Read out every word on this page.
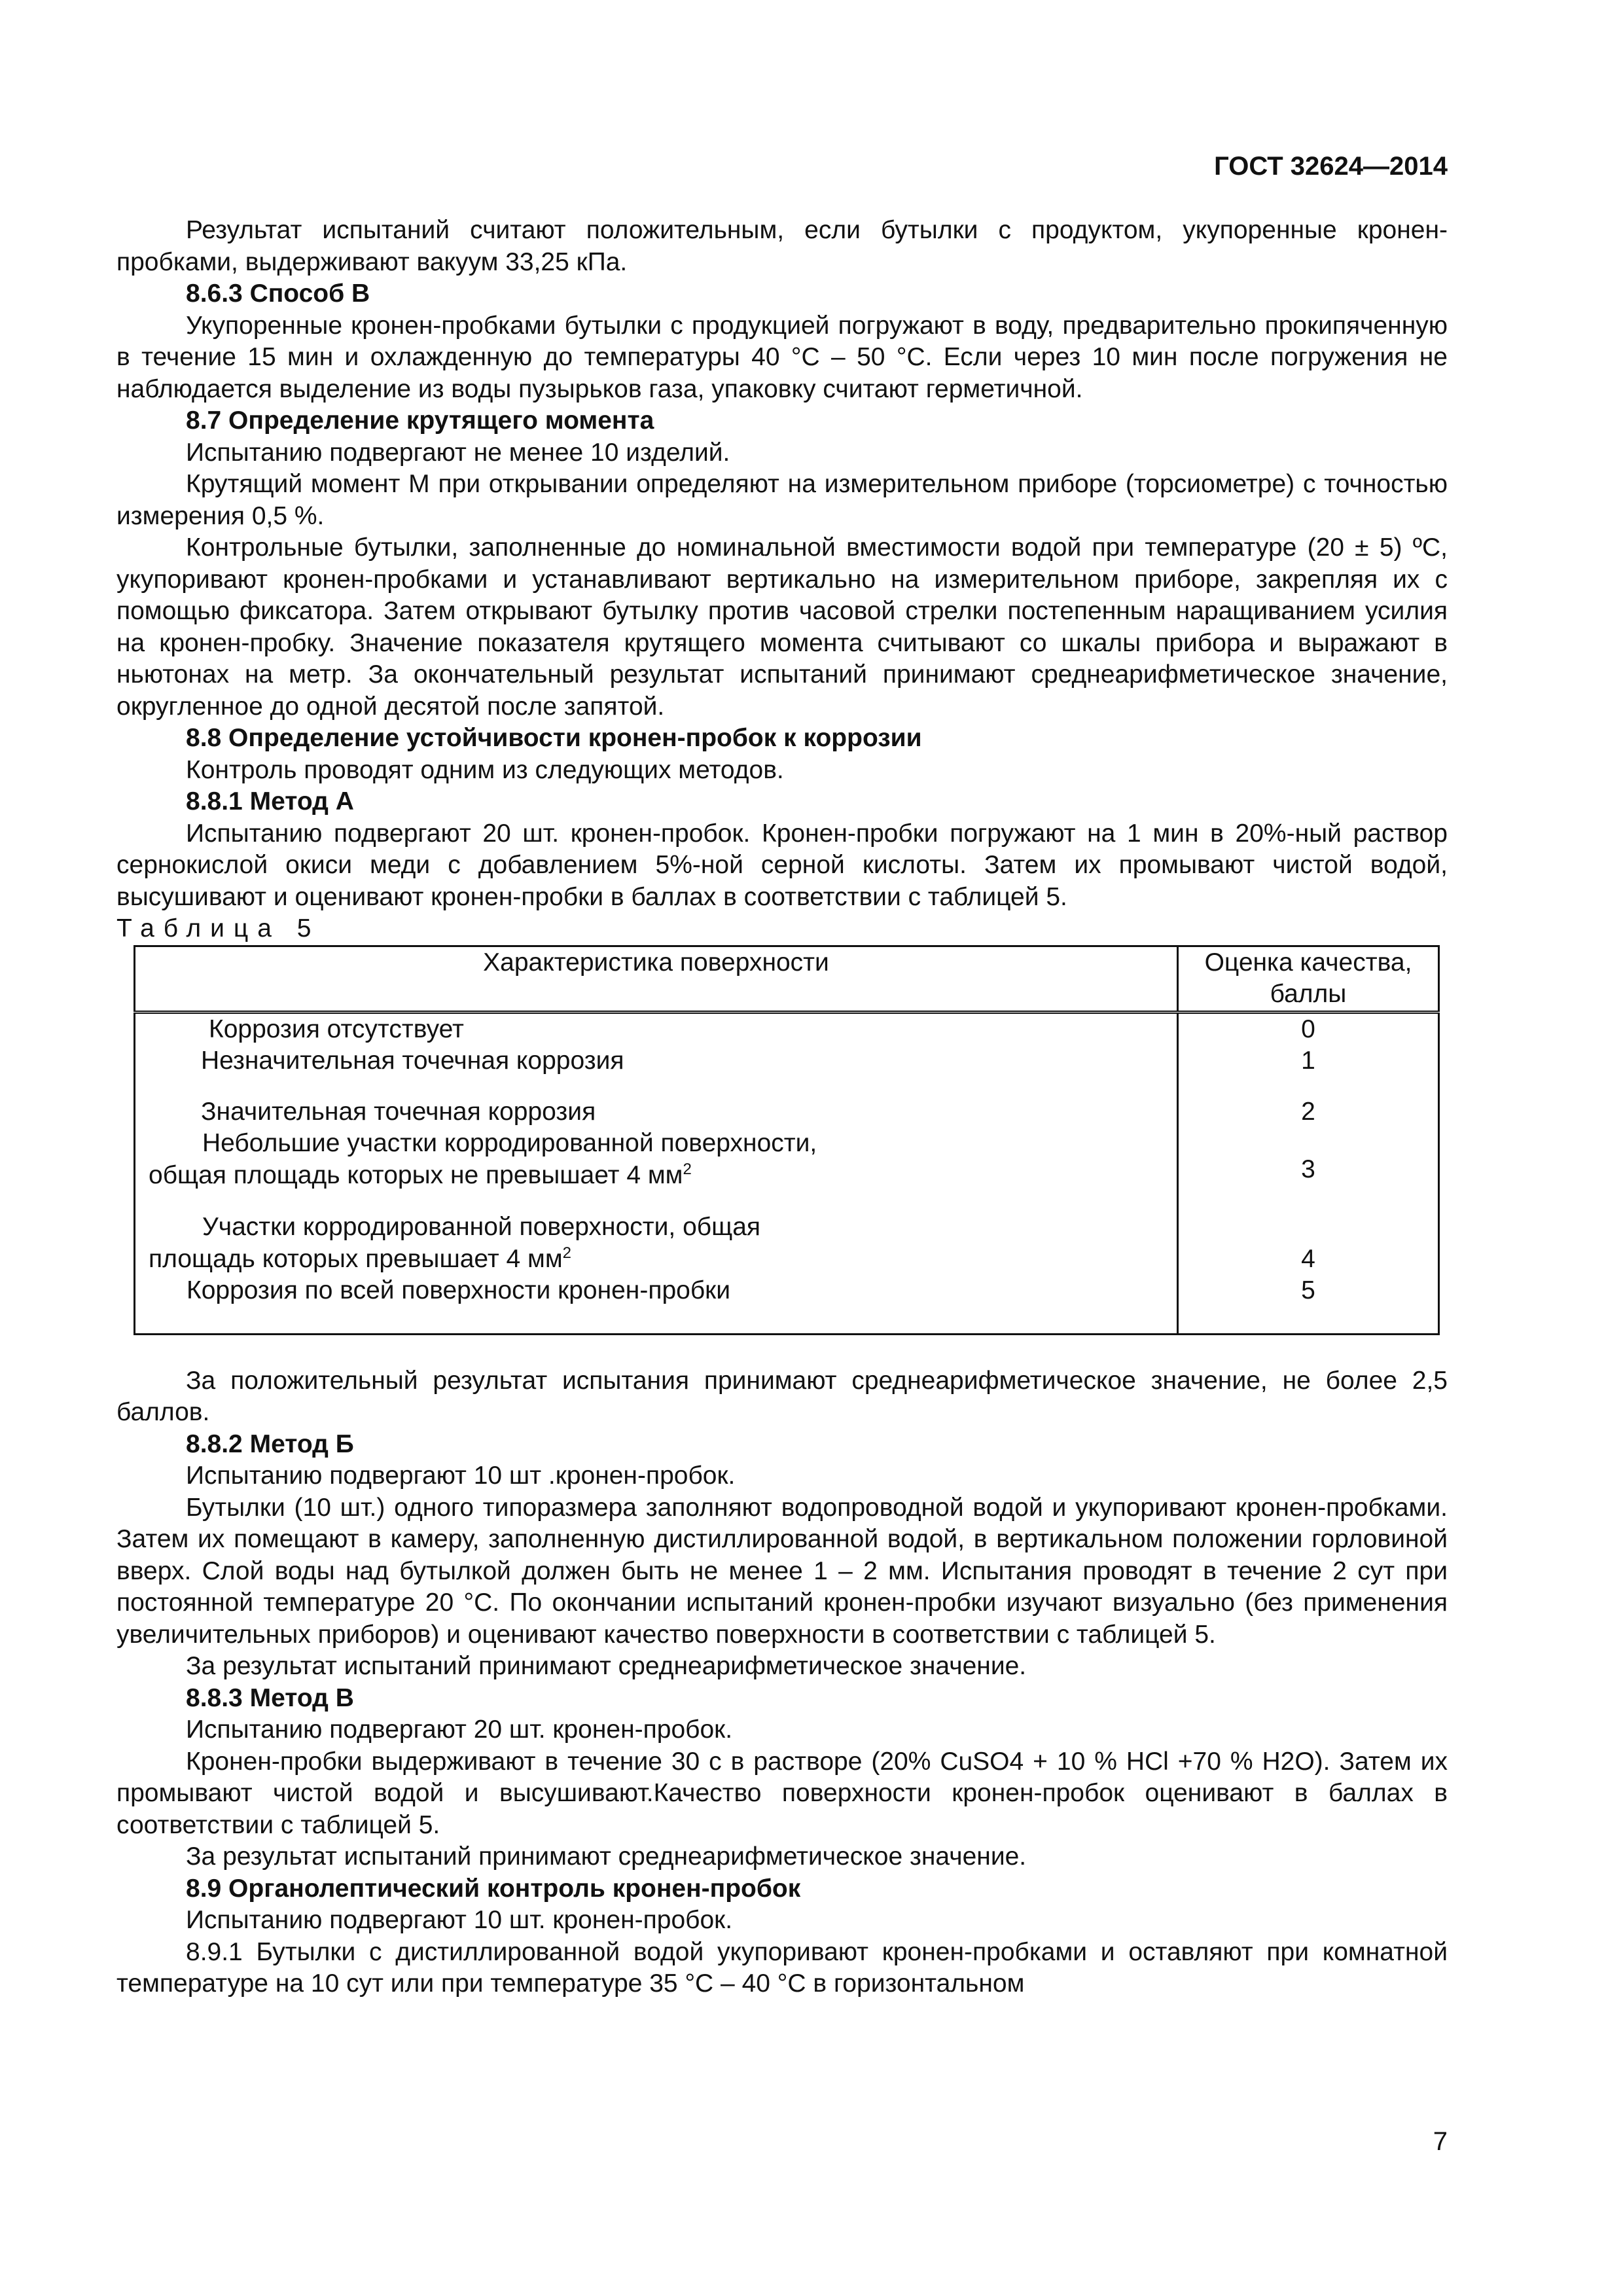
ГОСТ 32624—2014

Результат испытаний считают положительным, если бутылки с продуктом, укупоренные кронен-пробками, выдерживают вакуум 33,25 кПа.

8.6.3 Способ В

Укупоренные кронен-пробками бутылки с продукцией погружают в воду, предварительно прокипяченную в течение 15 мин и охлажденную до температуры 40 °С – 50 °С. Если через 10 мин после погружения не наблюдается выделение из воды пузырьков газа, упаковку считают герметичной.

8.7 Определение крутящего момента

Испытанию подвергают не менее 10 изделий.

Крутящий момент М при открывании определяют на измерительном приборе (торсиометре) с точностью измерения 0,5 %.

Контрольные бутылки, заполненные до номинальной вместимости водой при температуре (20 ± 5) ºС, укупоривают кронен-пробками и устанавливают вертикально на измерительном приборе, закрепляя их с помощью фиксатора. Затем открывают бутылку против часовой стрелки постепенным наращиванием усилия на кронен-пробку. Значение показателя крутящего момента считывают со шкалы прибора и выражают в ньютонах на метр. За окончательный результат испытаний принимают среднеарифметическое значение, округленное до одной десятой после запятой.

8.8 Определение устойчивости кронен-пробок к коррозии

Контроль проводят одним из следующих методов.

8.8.1 Метод А

Испытанию подвергают 20 шт. кронен-пробок. Кронен-пробки погружают на 1 мин в 20%-ный раствор сернокислой окиси меди с добавлением 5%-ной серной кислоты. Затем их промывают чистой водой, высушивают и оценивают кронен-пробки в баллах в соответствии с таблицей 5.

Таблица 5
Характеристика поверхности	Оценка качества, баллы
Коррозия отсутствует	0
Незначительная точечная коррозия	1
Значительная точечная коррозия	2
Небольшие участки корродированной поверхности, общая площадь которых не превышает 4 $мм^2$	3
Участки корродированной поверхности, общая площадь которых превышает 4 $мм^2$	4
Коррозия по всей поверхности кронен-пробки	5

За положительный результат испытания принимают среднеарифметическое значение, не более 2,5 баллов.

8.8.2 Метод Б

Испытанию подвергают 10 шт .кронен-пробок.

Бутылки (10 шт.) одного типоразмера заполняют водопроводной водой и укупоривают кронен-пробками. Затем их помещают в камеру, заполненную дистиллированной водой, в вертикальном положении горловиной вверх. Слой воды над бутылкой должен быть не менее 1 – 2 мм. Испытания проводят в течение 2 сут при постоянной температуре 20 °С. По окончании испытаний кронен-пробки изучают визуально (без применения увеличительных приборов) и оценивают качество поверхности в соответствии с таблицей 5.

За результат испытаний принимают среднеарифметическое значение.

8.8.3 Метод В

Испытанию подвергают 20 шт. кронен-пробок.

Кронен-пробки выдерживают в течение 30 с в растворе (20% CuSO4 + 10 % HCl +70 % H2O). Затем их промывают чистой водой и высушивают.Качество поверхности кронен-пробок оценивают в баллах в соответствии с таблицей 5.

За результат испытаний принимают среднеарифметическое значение.

8.9 Органолептический контроль кронен-пробок

Испытанию подвергают 10 шт. кронен-пробок.

8.9.1 Бутылки с дистиллированной водой укупоривают кронен-пробками и оставляют при комнатной температуре на 10 сут или при температуре 35 °С – 40 °С в горизонтальном

7
